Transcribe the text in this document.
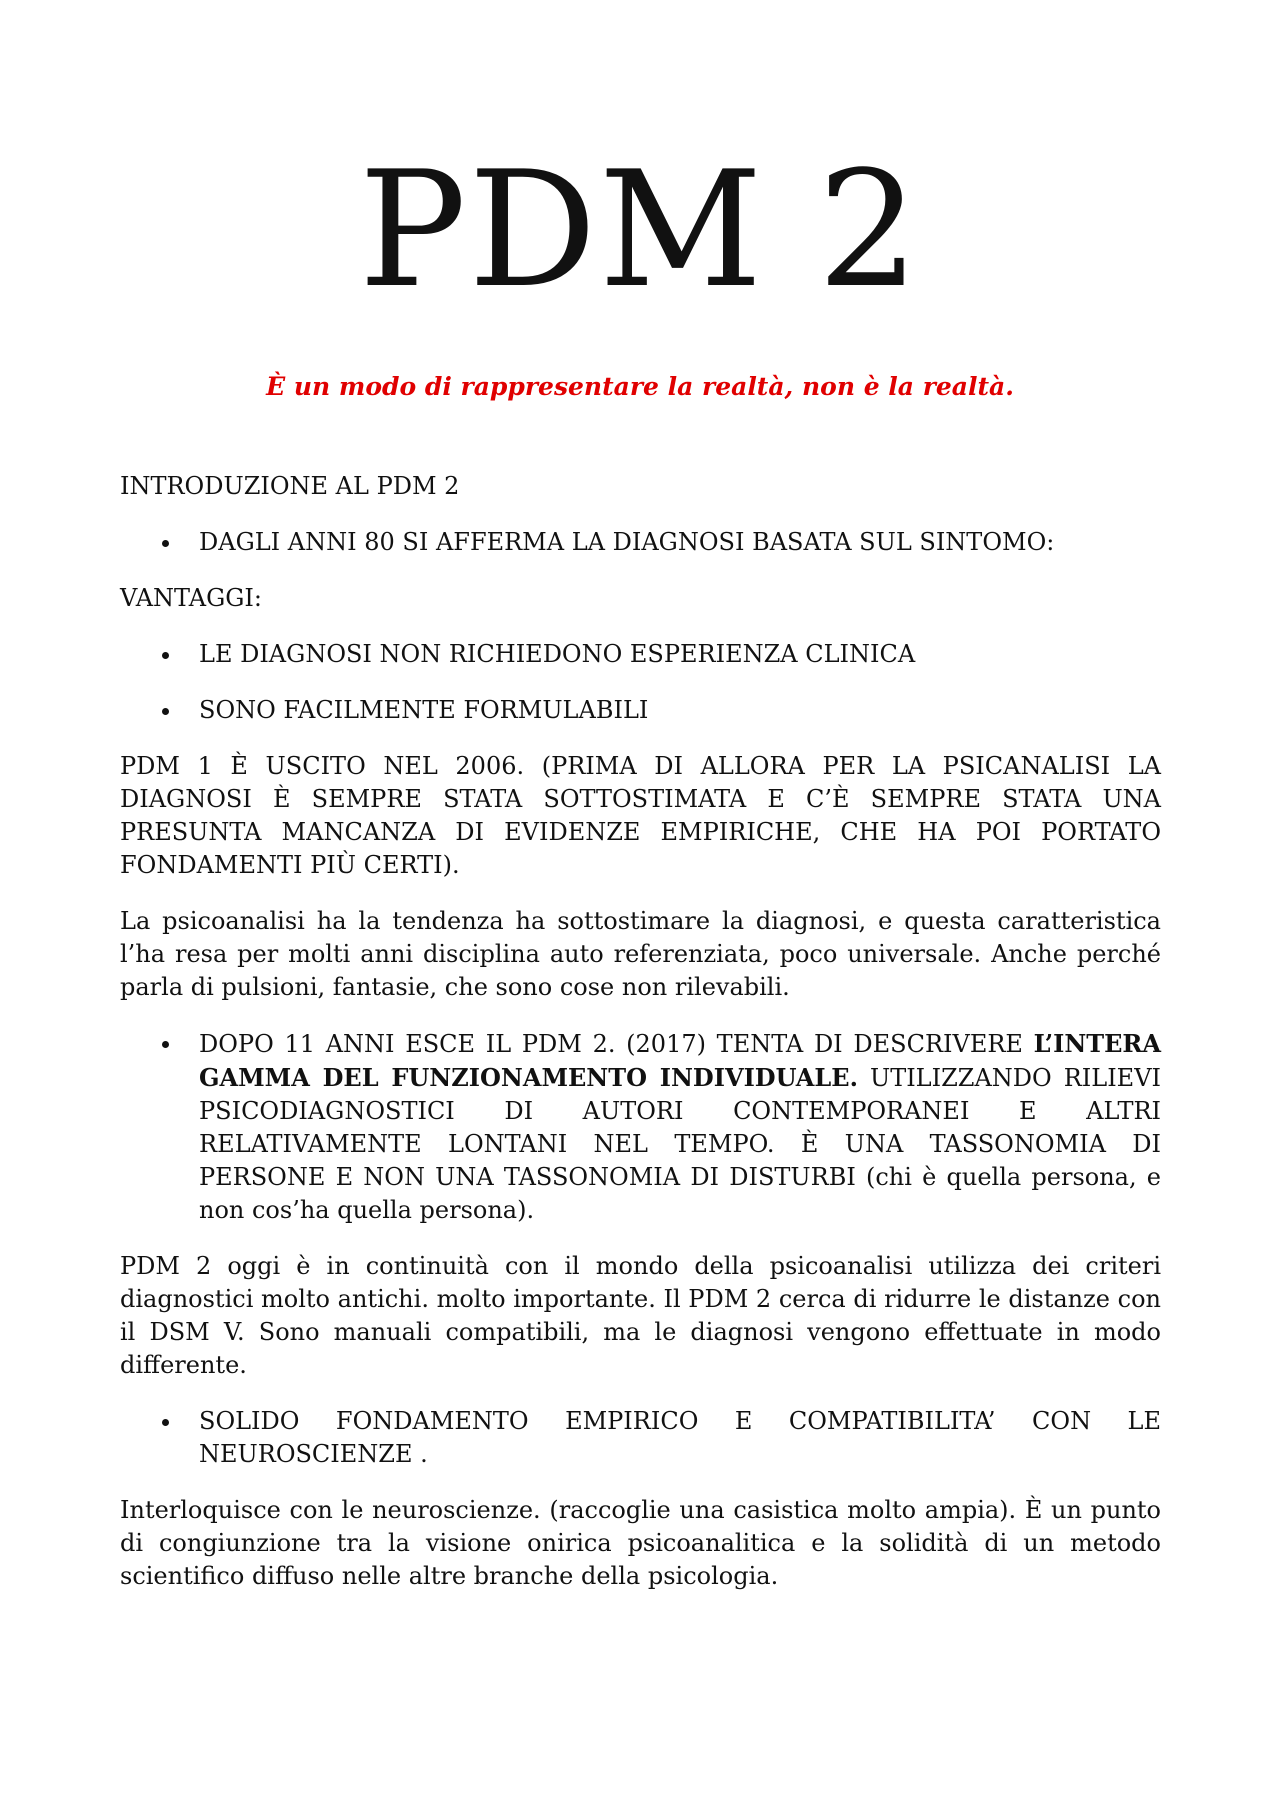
PDM 2

È un modo di rappresentare la realtà, non è la realtà.

INTRODUZIONE AL PDM 2

DAGLI ANNI 80 SI AFFERMA LA DIAGNOSI BASATA SUL SINTOMO:

VANTAGGI:

LE DIAGNOSI NON RICHIEDONO ESPERIENZA CLINICA
SONO FACILMENTE FORMULABILI

PDM 1 È USCITO NEL 2006. (PRIMA DI ALLORA PER LA PSICANALISI LA DIAGNOSI È SEMPRE STATA SOTTOSTIMATA E C’È SEMPRE STATA UNA PRESUNTA MANCANZA DI EVIDENZE EMPIRICHE, CHE HA POI PORTATO FONDAMENTI PIÙ CERTI).

La psicoanalisi ha la tendenza ha sottostimare la diagnosi, e questa caratteristica l’ha resa per molti anni disciplina auto referenziata, poco universale. Anche perché parla di pulsioni, fantasie, che sono cose non rilevabili.

DOPO 11 ANNI ESCE IL PDM 2. (2017) TENTA DI DESCRIVERE L’INTERA GAMMA DEL FUNZIONAMENTO INDIVIDUALE. UTILIZZANDO RILIEVI PSICODIAGNOSTICI DI AUTORI CONTEMPORANEI E ALTRI RELATIVAMENTE LONTANI NEL TEMPO. È UNA TASSONOMIA DI PERSONE E NON UNA TASSONOMIA DI DISTURBI (chi è quella persona, e non cos’ha quella persona).

PDM 2 oggi è in continuità con il mondo della psicoanalisi utilizza dei criteri diagnostici molto antichi. molto importante. Il PDM 2 cerca di ridurre le distanze con il DSM V. Sono manuali compatibili, ma le diagnosi vengono effettuate in modo differente.

SOLIDO FONDAMENTO EMPIRICO E COMPATIBILITA’ CON LE NEUROSCIENZE .

Interloquisce con le neuroscienze. (raccoglie una casistica molto ampia). È un punto di congiunzione tra la visione onirica psicoanalitica e la solidità di un metodo scientifico diffuso nelle altre branche della psicologia.
